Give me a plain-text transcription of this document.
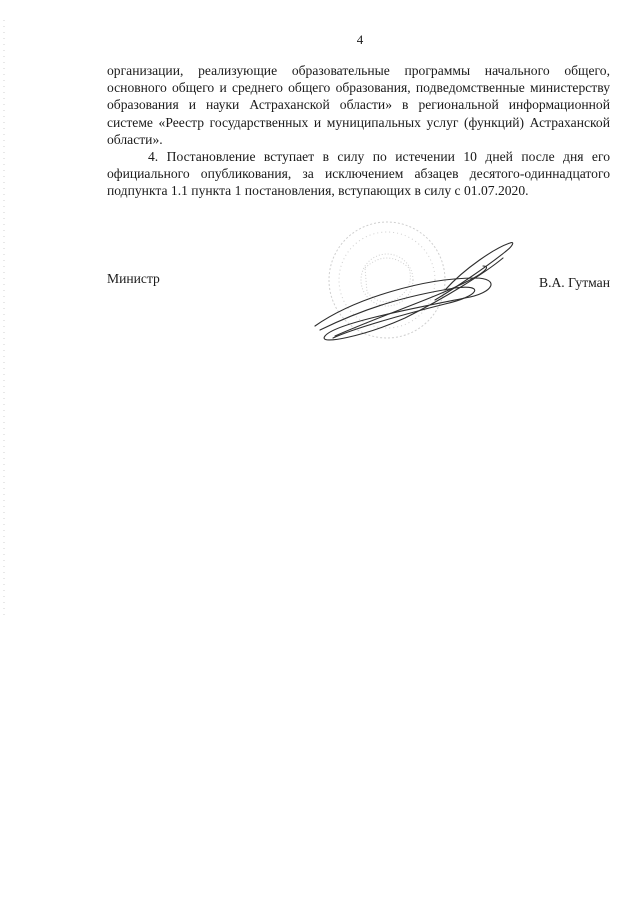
4

организации, реализующие образовательные программы начального общего, основного общего и среднего общего образования, подведомственные министерству образования и науки Астраханской области» в региональной информационной системе «Реестр государственных и муниципальных услуг (функций) Астраханской области».

4. Постановление вступает в силу по истечении 10 дней после дня его официального опубликования, за исключением абзацев десятого-одиннадцатого подпункта 1.1 пункта 1 постановления, вступающих в силу с 01.07.2020.

Министр	В.А. Гутман
